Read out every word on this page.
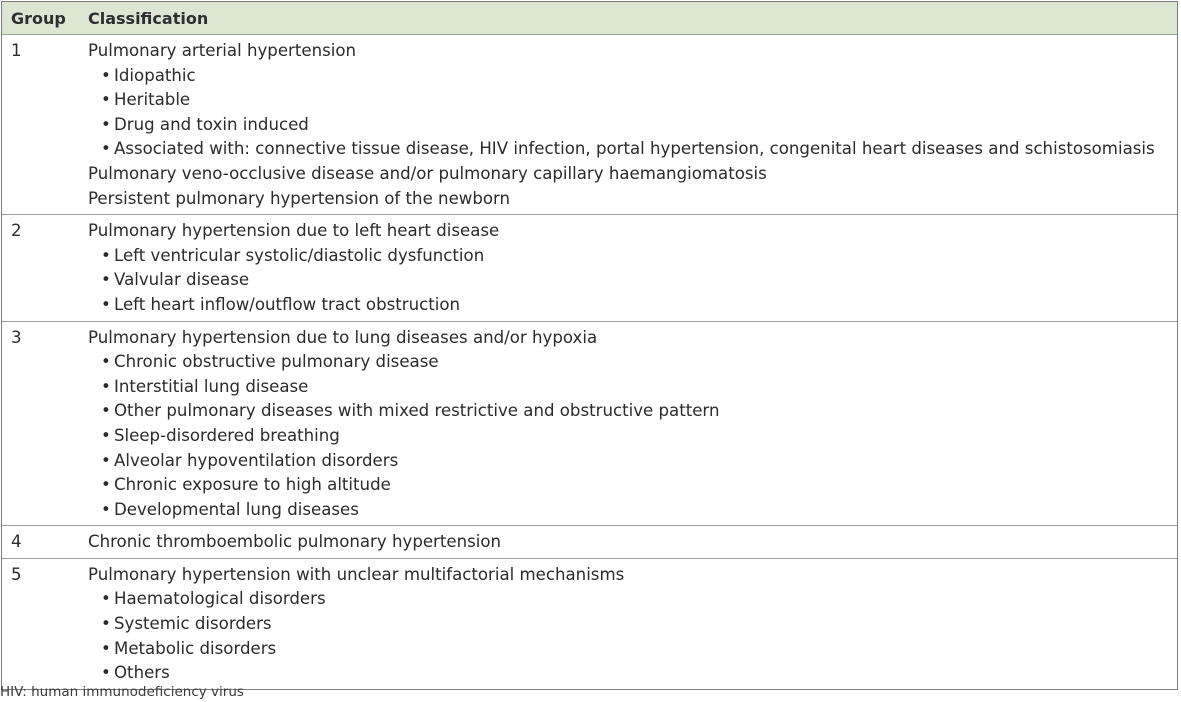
Group	Classification
1	Pulmonary arterial hypertension
• Idiopathic
• Heritable
• Drug and toxin induced
• Associated with: connective tissue disease, HIV infection, portal hypertension, congenital heart diseases and schistosomiasis
Pulmonary veno-occlusive disease and/or pulmonary capillary haemangiomatosis
Persistent pulmonary hypertension of the newborn
2	Pulmonary hypertension due to left heart disease
• Left ventricular systolic/diastolic dysfunction
• Valvular disease
• Left heart inflow/outflow tract obstruction
3	Pulmonary hypertension due to lung diseases and/or hypoxia
• Chronic obstructive pulmonary disease
• Interstitial lung disease
• Other pulmonary diseases with mixed restrictive and obstructive pattern
• Sleep-disordered breathing
• Alveolar hypoventilation disorders
• Chronic exposure to high altitude
• Developmental lung diseases
4	Chronic thromboembolic pulmonary hypertension
5	Pulmonary hypertension with unclear multifactorial mechanisms
• Haematological disorders
• Systemic disorders
• Metabolic disorders
• Others
HIV: human immunodeficiency virus
